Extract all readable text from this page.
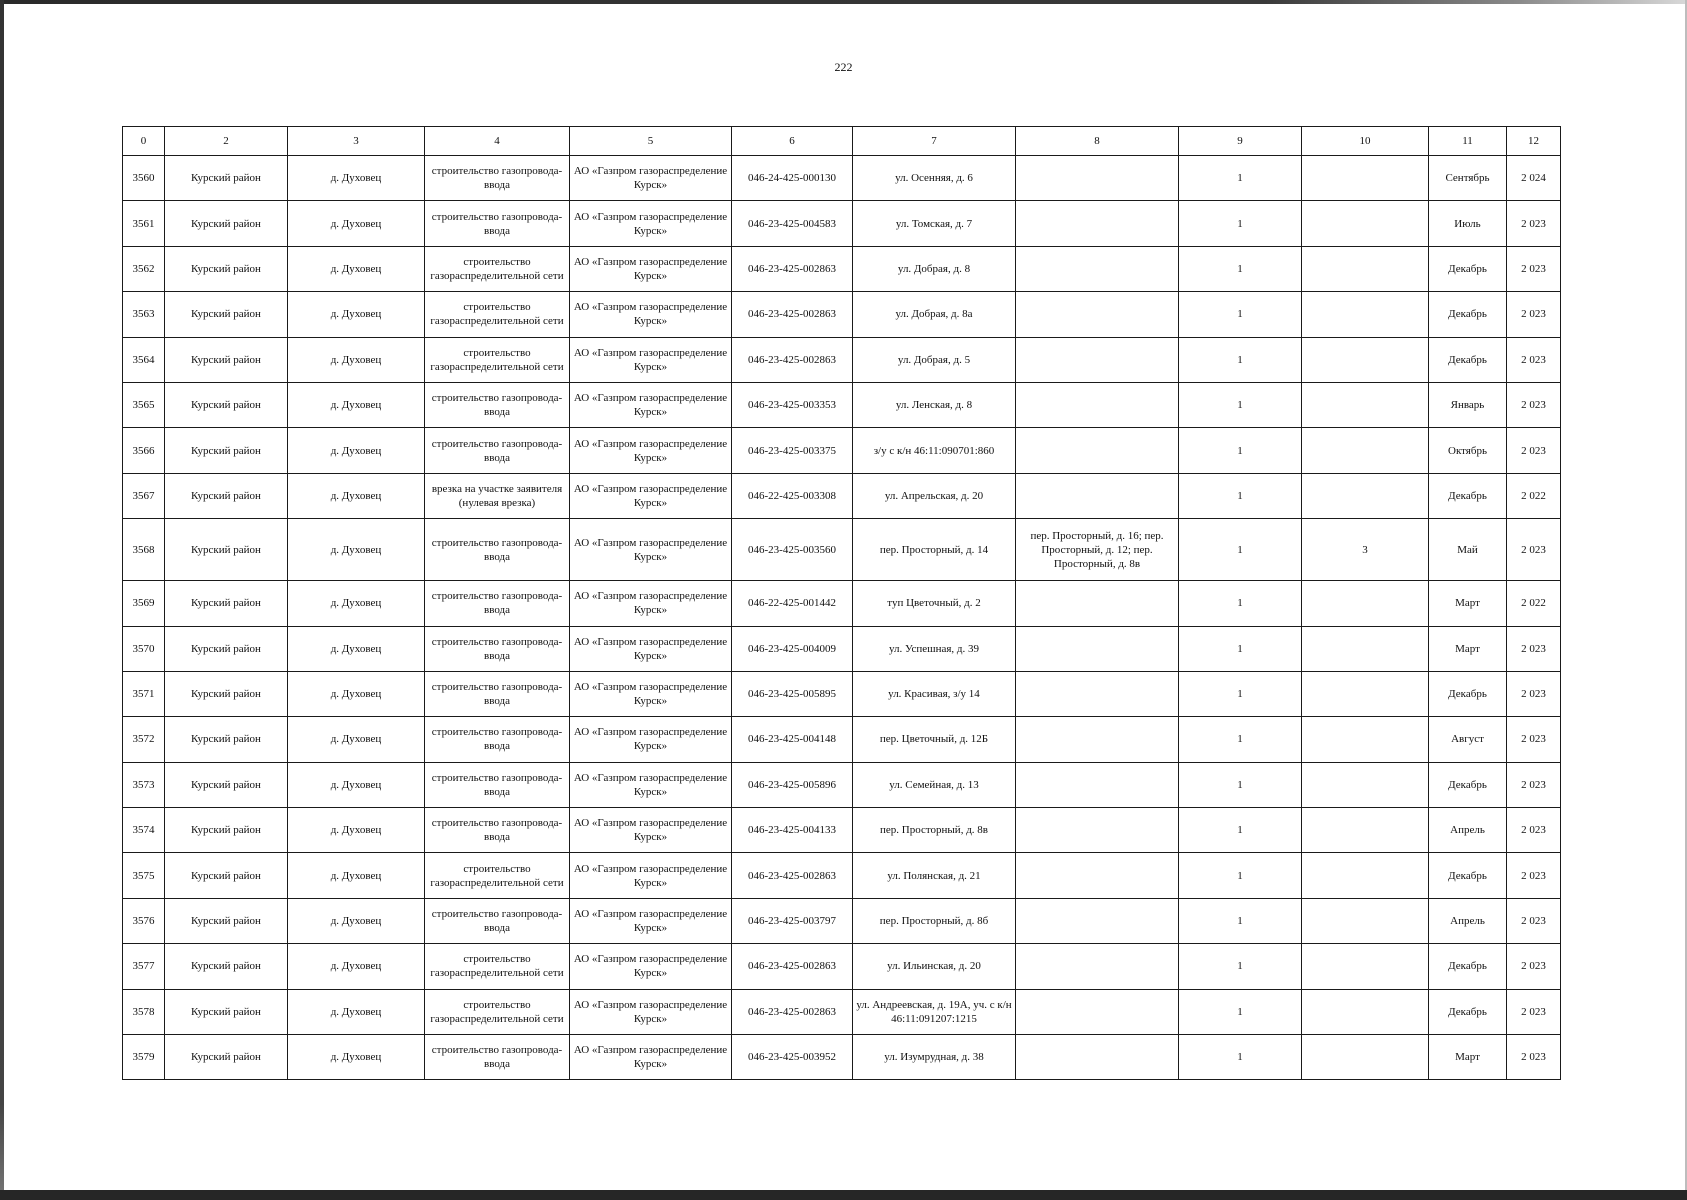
222
0	2	3	4	5	6	7	8	9	10	11	12
3560	Курский район	д. Духовец	строительство газопровода-ввода	АО «Газпром газораспределение Курск»	046-24-425-000130	ул. Осенняя, д. 6		1		Сентябрь	2 024
3561	Курский район	д. Духовец	строительство газопровода-ввода	АО «Газпром газораспределение Курск»	046-23-425-004583	ул. Томская, д. 7		1		Июль	2 023
3562	Курский район	д. Духовец	строительство газораспределительной сети	АО «Газпром газораспределение Курск»	046-23-425-002863	ул. Добрая, д. 8		1		Декабрь	2 023
3563	Курский район	д. Духовец	строительство газораспределительной сети	АО «Газпром газораспределение Курск»	046-23-425-002863	ул. Добрая, д. 8а		1		Декабрь	2 023
3564	Курский район	д. Духовец	строительство газораспределительной сети	АО «Газпром газораспределение Курск»	046-23-425-002863	ул. Добрая, д. 5		1		Декабрь	2 023
3565	Курский район	д. Духовец	строительство газопровода-ввода	АО «Газпром газораспределение Курск»	046-23-425-003353	ул. Ленская, д. 8		1		Январь	2 023
3566	Курский район	д. Духовец	строительство газопровода-ввода	АО «Газпром газораспределение Курск»	046-23-425-003375	з/у с к/н 46:11:090701:860		1		Октябрь	2 023
3567	Курский район	д. Духовец	врезка на участке заявителя (нулевая врезка)	АО «Газпром газораспределение Курск»	046-22-425-003308	ул. Апрельская, д. 20		1		Декабрь	2 022
3568	Курский район	д. Духовец	строительство газопровода-ввода	АО «Газпром газораспределение Курск»	046-23-425-003560	пер. Просторный, д. 14	пер. Просторный, д. 16; пер. Просторный, д. 12; пер. Просторный, д. 8в	1	3	Май	2 023
3569	Курский район	д. Духовец	строительство газопровода-ввода	АО «Газпром газораспределение Курск»	046-22-425-001442	туп Цветочный, д. 2		1		Март	2 022
3570	Курский район	д. Духовец	строительство газопровода-ввода	АО «Газпром газораспределение Курск»	046-23-425-004009	ул. Успешная, д. 39		1		Март	2 023
3571	Курский район	д. Духовец	строительство газопровода-ввода	АО «Газпром газораспределение Курск»	046-23-425-005895	ул. Красивая, з/у 14		1		Декабрь	2 023
3572	Курский район	д. Духовец	строительство газопровода-ввода	АО «Газпром газораспределение Курск»	046-23-425-004148	пер. Цветочный, д. 12Б		1		Август	2 023
3573	Курский район	д. Духовец	строительство газопровода-ввода	АО «Газпром газораспределение Курск»	046-23-425-005896	ул. Семейная, д. 13		1		Декабрь	2 023
3574	Курский район	д. Духовец	строительство газопровода-ввода	АО «Газпром газораспределение Курск»	046-23-425-004133	пер. Просторный, д. 8в		1		Апрель	2 023
3575	Курский район	д. Духовец	строительство газораспределительной сети	АО «Газпром газораспределение Курск»	046-23-425-002863	ул. Полянская, д. 21		1		Декабрь	2 023
3576	Курский район	д. Духовец	строительство газопровода-ввода	АО «Газпром газораспределение Курск»	046-23-425-003797	пер. Просторный, д. 8б		1		Апрель	2 023
3577	Курский район	д. Духовец	строительство газораспределительной сети	АО «Газпром газораспределение Курск»	046-23-425-002863	ул. Ильинская, д. 20		1		Декабрь	2 023
3578	Курский район	д. Духовец	строительство газораспределительной сети	АО «Газпром газораспределение Курск»	046-23-425-002863	ул. Андреевская, д. 19А, уч. с к/н 46:11:091207:1215		1		Декабрь	2 023
3579	Курский район	д. Духовец	строительство газопровода-ввода	АО «Газпром газораспределение Курск»	046-23-425-003952	ул. Изумрудная, д. 38		1		Март	2 023
